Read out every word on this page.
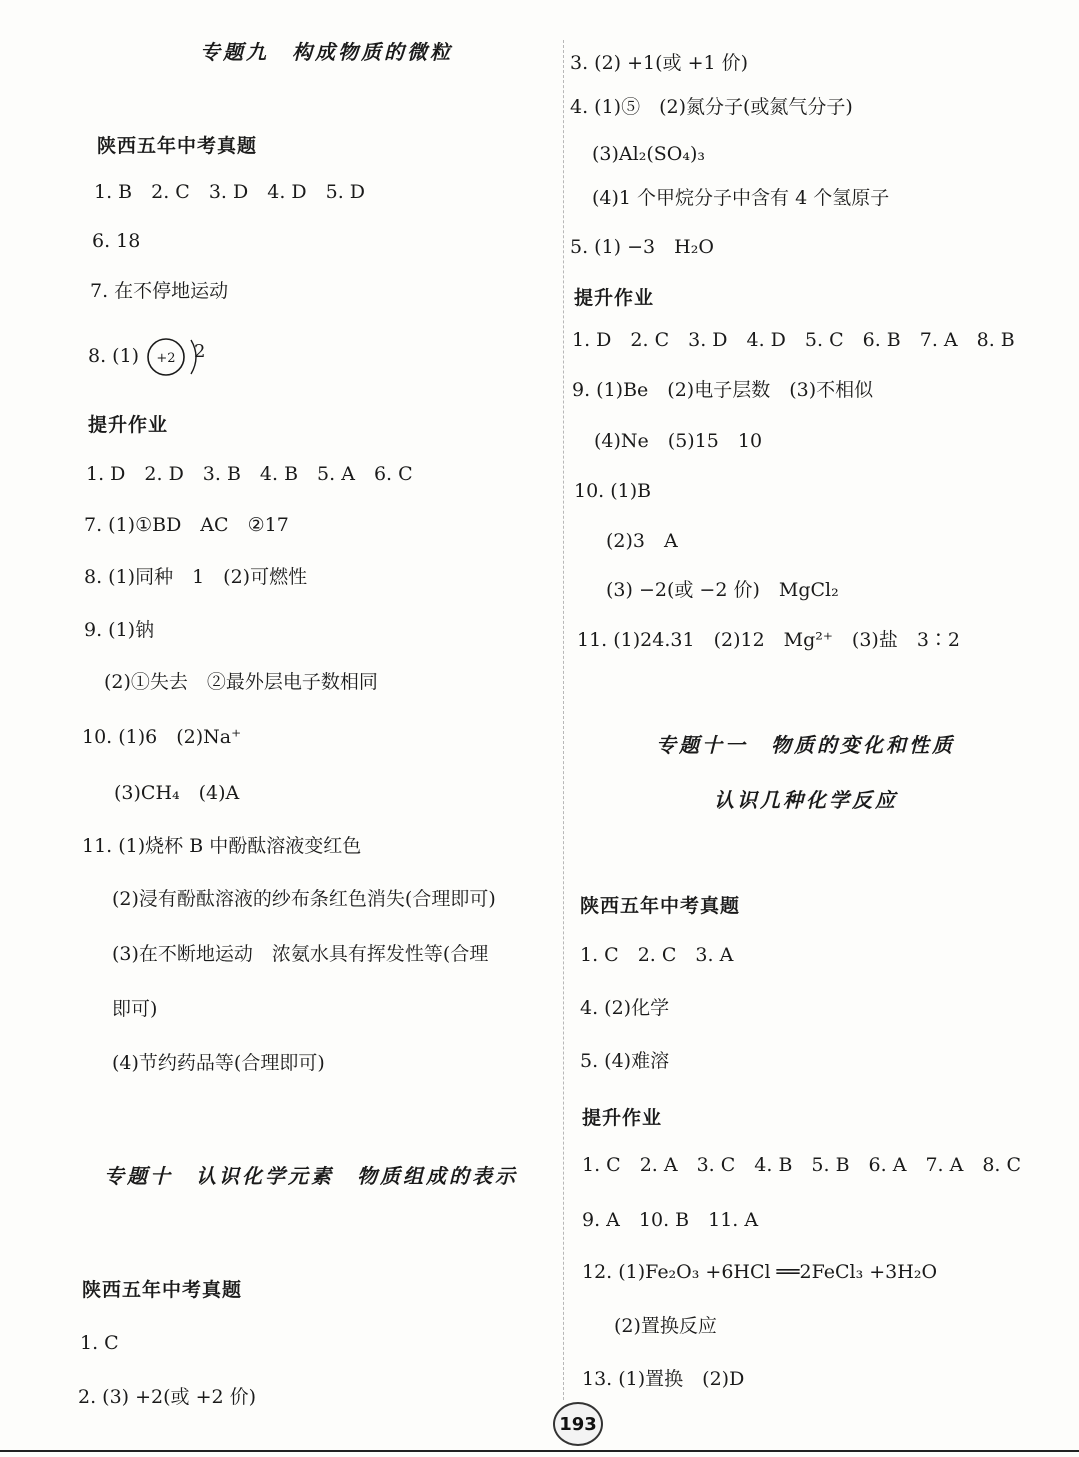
专题九　构成物质的微粒
陕西五年中考真题
1. B　2. C　3. D　4. D　5. D
6. 18
7. 在不停地运动
8. (1) +2 2
提升作业
1. D　2. D　3. B　4. B　5. A　6. C
7. (1)①BD　AC　②17
8. (1)同种　1　(2)可燃性
9. (1)钠
(2)①失去　②最外层电子数相同
10. (1)6　(2)Na⁺
(3)CH₄　(4)A
11. (1)烧杯 B 中酚酞溶液变红色
(2)浸有酚酞溶液的纱布条红色消失(合理即可)
(3)在不断地运动　浓氨水具有挥发性等(合理
即可)
(4)节约药品等(合理即可)
专题十　认识化学元素　物质组成的表示
陕西五年中考真题
1. C
2. (3) +2(或 +2 价)
3. (2) +1(或 +1 价)
4. (1)⑤　(2)氮分子(或氮气分子)
(3)Al₂(SO₄)₃
(4)1 个甲烷分子中含有 4 个氢原子
5. (1) −3　H₂O
提升作业
1. D　2. C　3. D　4. D　5. C　6. B　7. A　8. B
9. (1)Be　(2)电子层数　(3)不相似
(4)Ne　(5)15　10
10. (1)B
(2)3　A
(3) −2(或 −2 价)　MgCl₂
11. (1)24.31　(2)12　Mg²⁺　(3)盐　3∶2
专题十一　物质的变化和性质
认识几种化学反应
陕西五年中考真题
1. C　2. C　3. A
4. (2)化学
5. (4)难溶
提升作业
1. C　2. A　3. C　4. B　5. B　6. A　7. A　8. C
9. A　10. B　11. A
12. (1)Fe₂O₃ +6HCl ══2FeCl₃ +3H₂O
(2)置换反应
13. (1)置换　(2)D
193
